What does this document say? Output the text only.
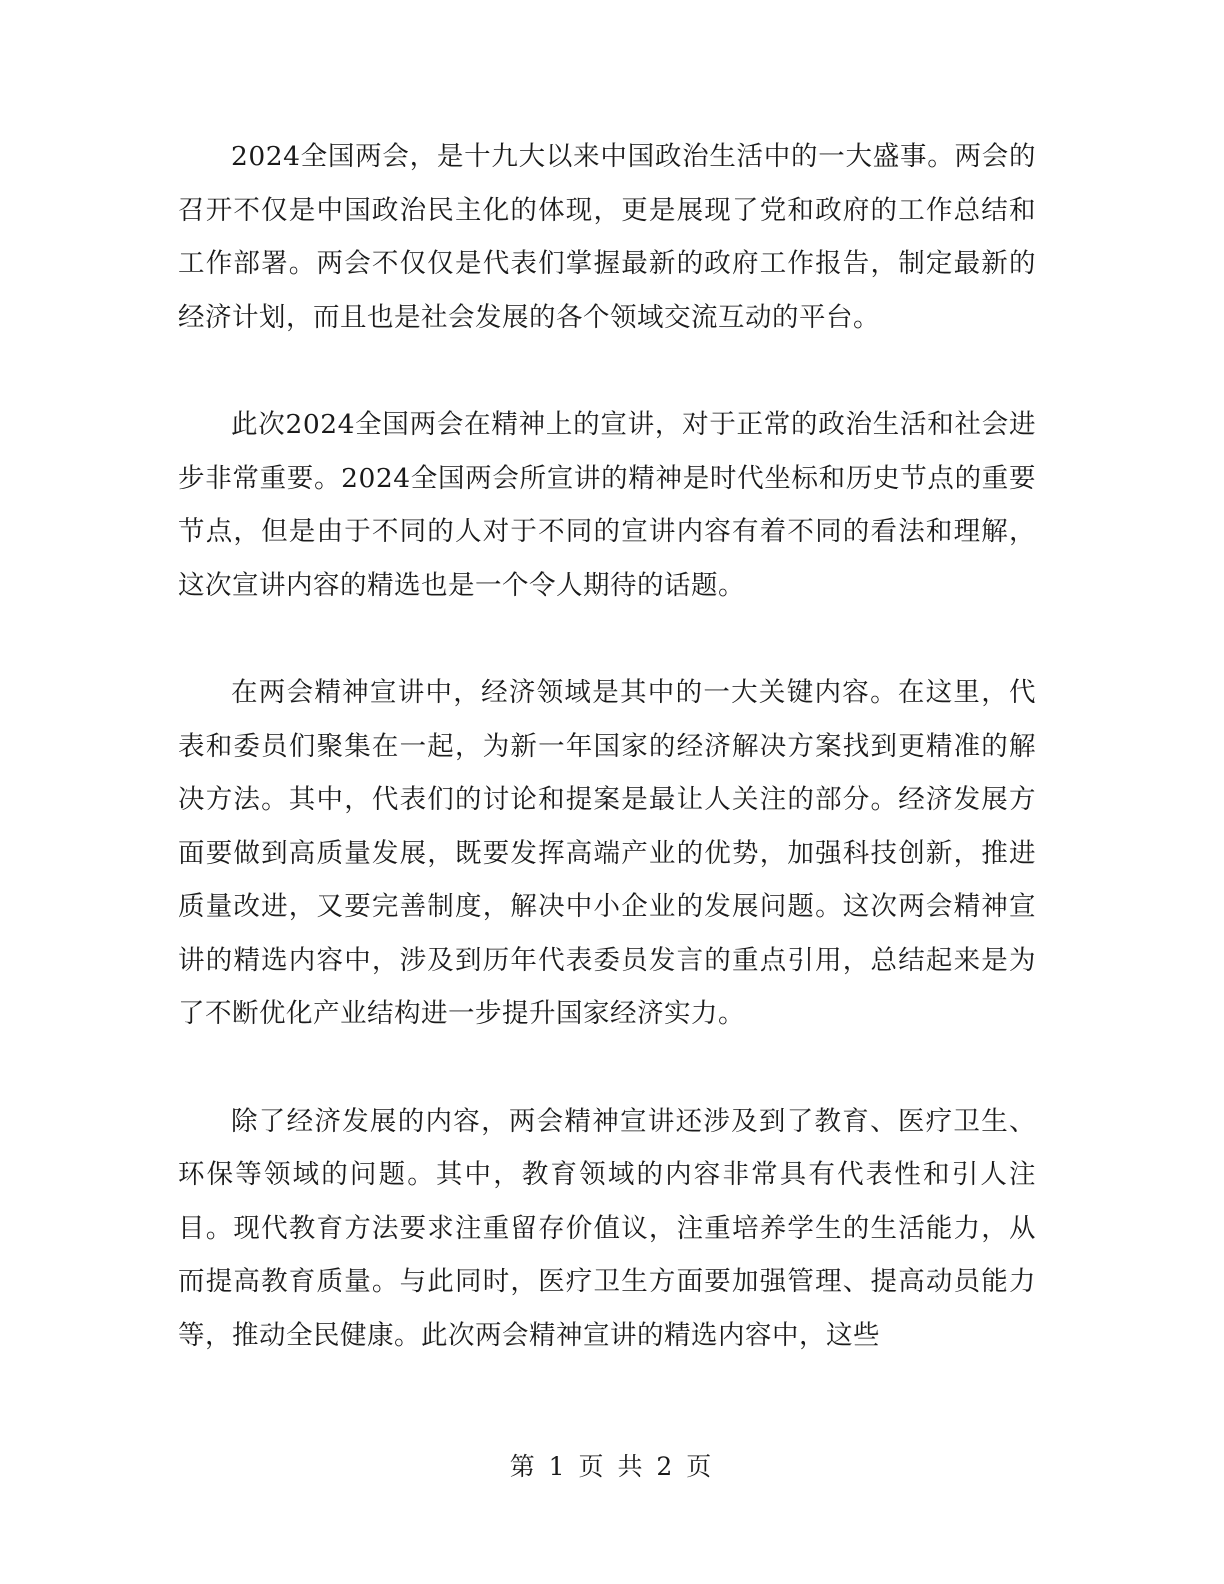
2024全国两会，是十九大以来中国政治生活中的一大盛事。两会的召开不仅是中国政治民主化的体现，更是展现了党和政府的工作总结和工作部署。两会不仅仅是代表们掌握最新的政府工作报告，制定最新的经济计划，而且也是社会发展的各个领域交流互动的平台。

此次2024全国两会在精神上的宣讲，对于正常的政治生活和社会进步非常重要。2024全国两会所宣讲的精神是时代坐标和历史节点的重要节点，但是由于不同的人对于不同的宣讲内容有着不同的看法和理解，这次宣讲内容的精选也是一个令人期待的话题。

在两会精神宣讲中，经济领域是其中的一大关键内容。在这里，代表和委员们聚集在一起，为新一年国家的经济解决方案找到更精准的解决方法。其中，代表们的讨论和提案是最让人关注的部分。经济发展方面要做到高质量发展，既要发挥高端产业的优势，加强科技创新，推进质量改进，又要完善制度，解决中小企业的发展问题。这次两会精神宣讲的精选内容中，涉及到历年代表委员发言的重点引用，总结起来是为了不断优化产业结构进一步提升国家经济实力。

除了经济发展的内容，两会精神宣讲还涉及到了教育、医疗卫生、环保等领域的问题。其中，教育领域的内容非常具有代表性和引人注目。现代教育方法要求注重留存价值议，注重培养学生的生活能力，从而提高教育质量。与此同时，医疗卫生方面要加强管理、提高动员能力等，推动全民健康。此次两会精神宣讲的精选内容中，这些

第 1 页 共 2 页
